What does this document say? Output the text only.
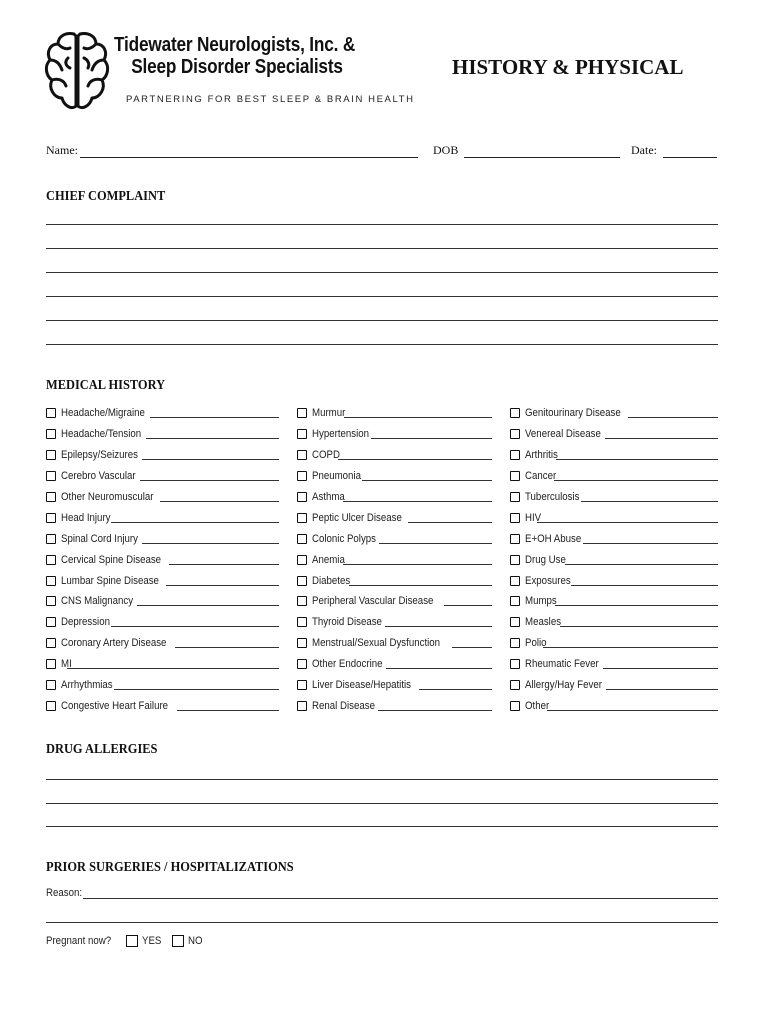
Tidewater Neurologists, Inc. &
Sleep Disorder Specialists
PARTNERING FOR BEST SLEEP & BRAIN HEALTH
HISTORY & PHYSICAL
Name:	DOB	Date:
CHIEF COMPLAINT
MEDICAL HISTORY
Headache/Migraine
Headache/Tension
Epilepsy/Seizures
Cerebro Vascular
Other Neuromuscular
Head Injury
Spinal Cord Injury
Cervical Spine Disease
Lumbar Spine Disease
CNS Malignancy
Depression
Coronary Artery Disease
MI
Arrhythmias
Congestive Heart Failure
Murmur
Hypertension
COPD
Pneumonia
Asthma
Peptic Ulcer Disease
Colonic Polyps
Anemia
Diabetes
Peripheral Vascular Disease
Thyroid Disease
Menstrual/Sexual Dysfunction
Other Endocrine
Liver Disease/Hepatitis
Renal Disease
Genitourinary Disease
Venereal Disease
Arthritis
Cancer
Tuberculosis
HIV
E+OH Abuse
Drug Use
Exposures
Mumps
Measles
Polio
Rheumatic Fever
Allergy/Hay Fever
Other
DRUG ALLERGIES
PRIOR SURGERIES / HOSPITALIZATIONS
Reason:
Pregnant now?	YES NO
